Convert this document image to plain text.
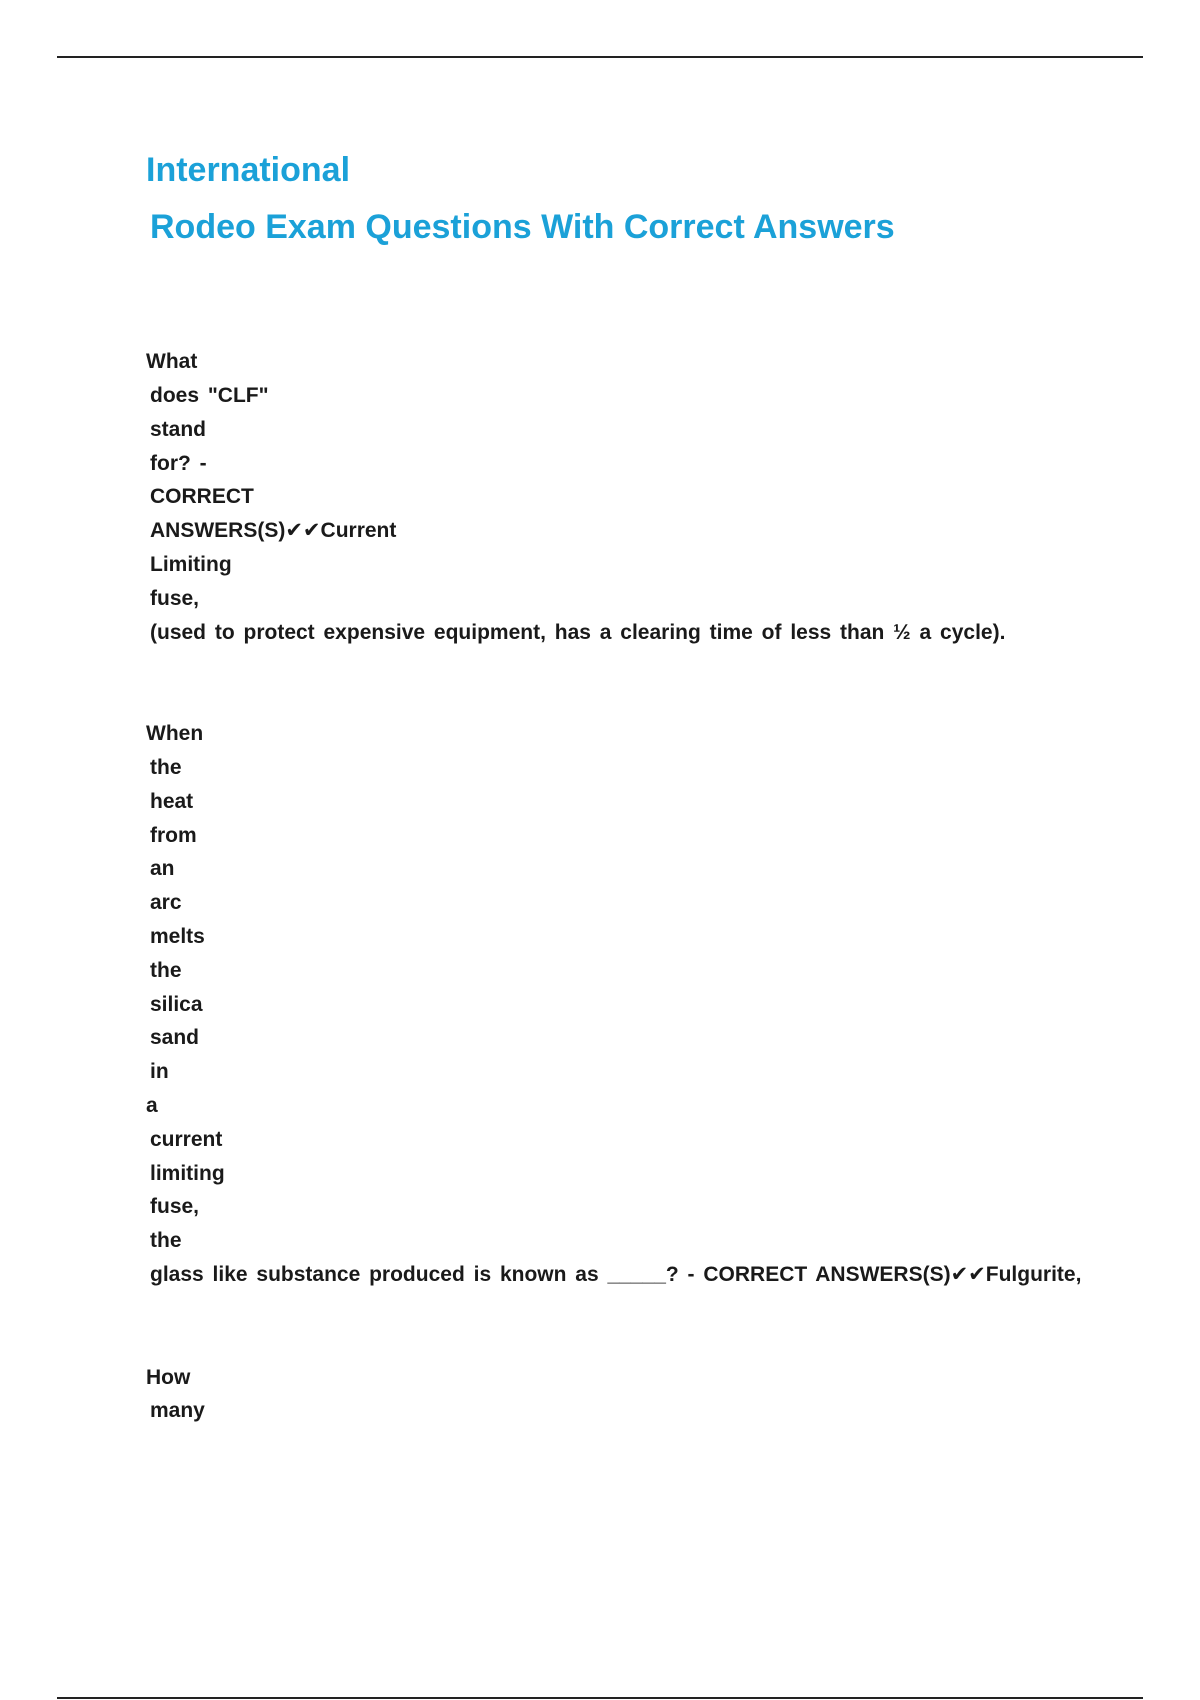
International
Rodeo Exam Questions With Correct Answers
What
does "CLF"
stand
for? -
CORRECT
ANSWERS(S)✔✔Current
Limiting
fuse,
(used to protect expensive equipment, has a clearing time of less than ½ a cycle).
When
the
heat
from
an
arc
melts
the
silica
sand
in
a
current
limiting
fuse,
the
glass like substance produced is known as _____? - CORRECT ANSWERS(S)✔✔Fulgurite,
How
many
